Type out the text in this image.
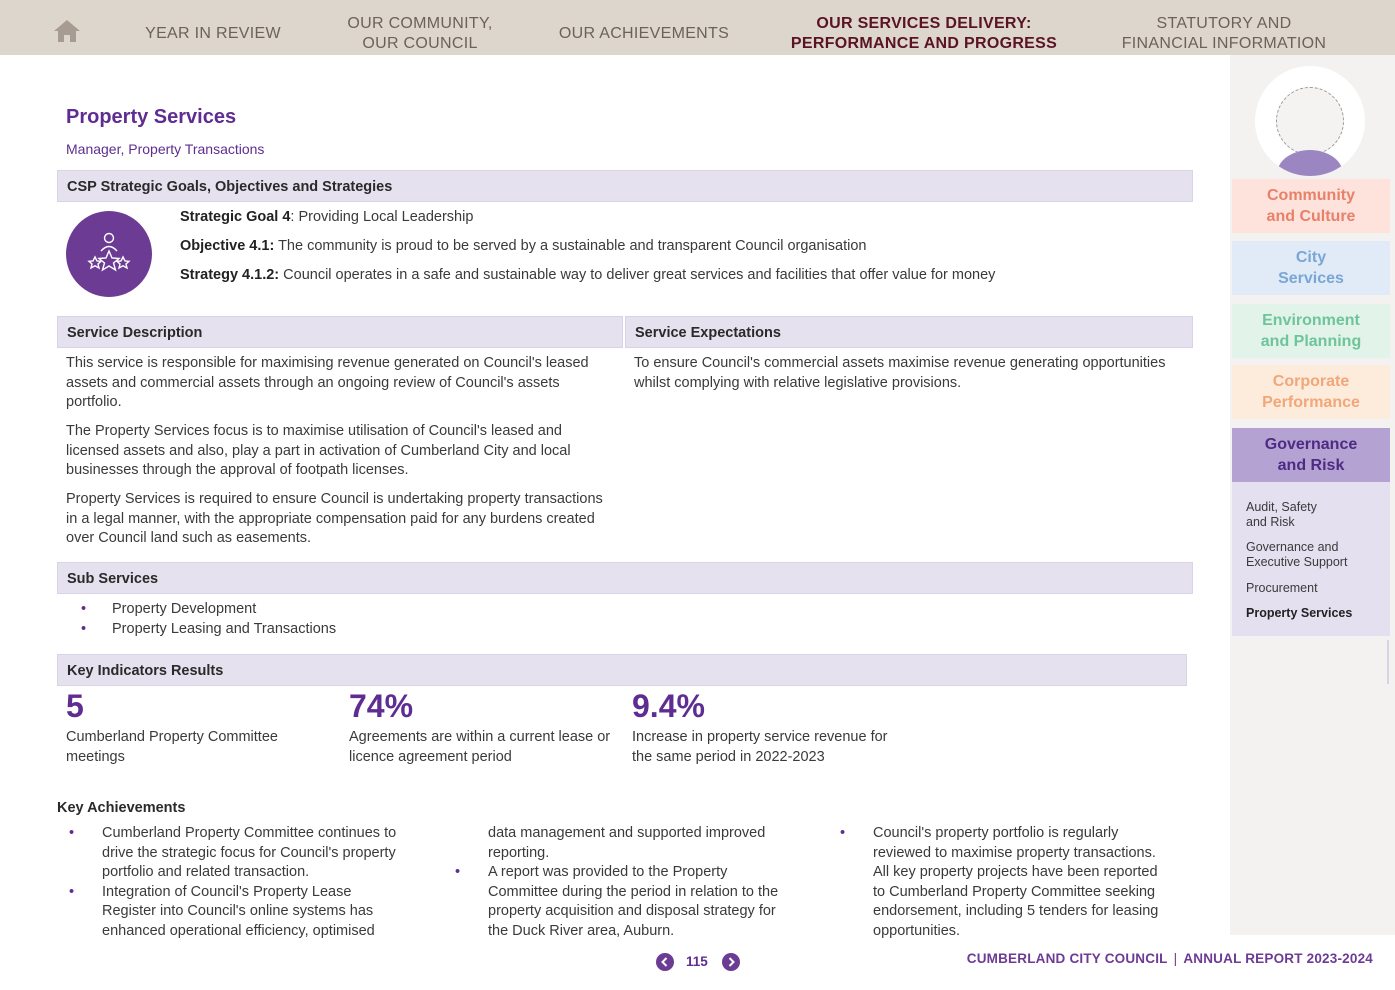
YEAR IN REVIEW
OUR COMMUNITY,
OUR COUNCIL
OUR ACHIEVEMENTS
OUR SERVICES DELIVERY:
PERFORMANCE AND PROGRESS
STATUTORY AND
FINANCIAL INFORMATION
Community
and Culture
City
Services
Environment
and Planning
Corporate
Performance
Governance
and Risk
Audit, Safety
and Risk
Governance and
Executive Support
Procurement
Property Services
Property Services
Manager, Property Transactions
CSP Strategic Goals, Objectives and Strategies
Strategic Goal 4: Providing Local Leadership
Objective 4.1: The community is proud to be served by a sustainable and transparent Council organisation
Strategy 4.1.2: Council operates in a safe and sustainable way to deliver great services and facilities that offer value for money
Service Description	Service Expectations
This service is responsible for maximising revenue generated on Council's leased assets and commercial assets through an ongoing review of Council's assets portfolio.
The Property Services focus is to maximise utilisation of Council's leased and licensed assets and also, play a part in activation of Cumberland City and local businesses through the approval of footpath licenses.
Property Services is required to ensure Council is undertaking property transactions in a legal manner, with the appropriate compensation paid for any burdens created over Council land such as easements.
To ensure Council's commercial assets maximise revenue generating opportunities whilst complying with relative legislative provisions.
Sub Services
• Property Development
• Property Leasing and Transactions
Key Indicators Results
5
Cumberland Property Committee meetings
74%
Agreements are within a current lease or licence agreement period
9.4%
Increase in property service revenue for the same period in 2022-2023
Key Achievements
• Cumberland Property Committee continues to drive the strategic focus for Council's property portfolio and related transaction.
• Integration of Council's Property Lease Register into Council's online systems has enhanced operational efficiency, optimised
data management and supported improved reporting.
• A report was provided to the Property Committee during the period in relation to the property acquisition and disposal strategy for the Duck River area, Auburn.
• Council's property portfolio is regularly reviewed to maximise property transactions. All key property projects have been reported to Cumberland Property Committee seeking endorsement, including 5 tenders for leasing opportunities.
115	CUMBERLAND CITY COUNCIL | ANNUAL REPORT 2023-2024
